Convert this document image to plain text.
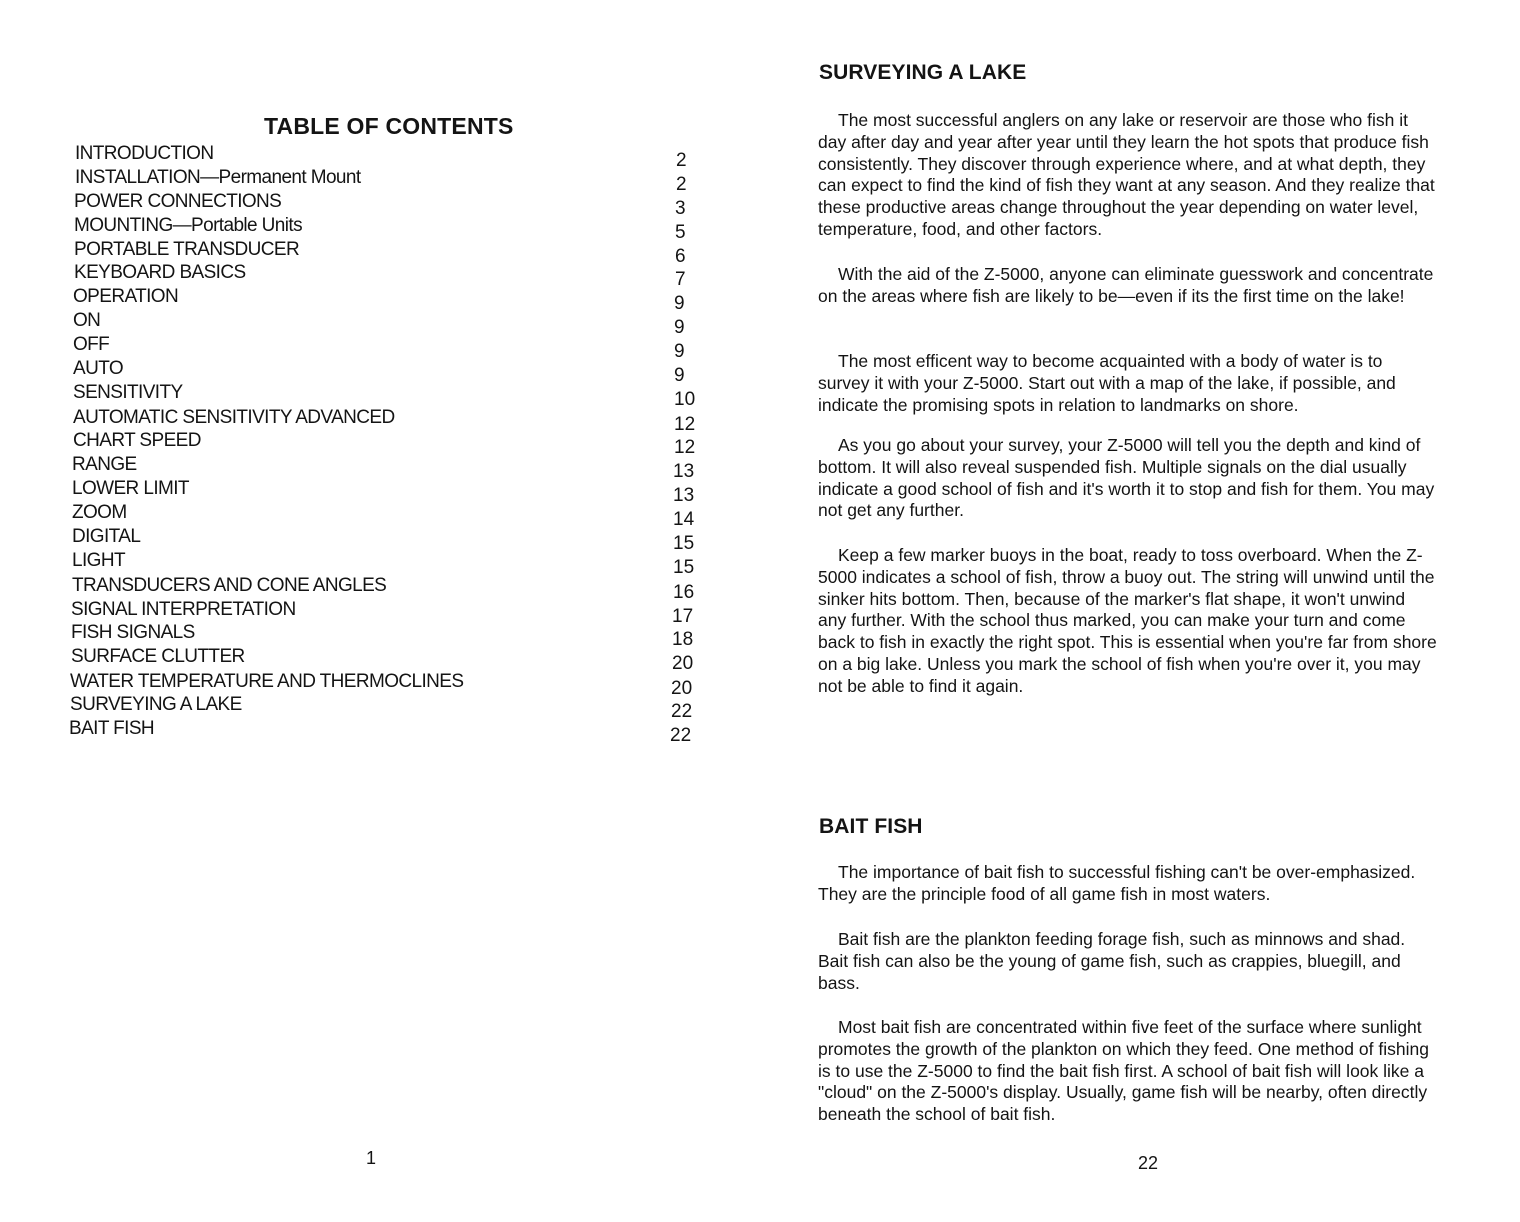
TABLE OF CONTENTS
INTRODUCTION	2
INSTALLATION—Permanent Mount	2
POWER CONNECTIONS	3
MOUNTING—Portable Units	5
PORTABLE TRANSDUCER	6
KEYBOARD BASICS	7
OPERATION	9
ON	9
OFF	9
AUTO	9
SENSITIVITY	10
AUTOMATIC SENSITIVITY ADVANCED	12
CHART SPEED	12
RANGE	13
LOWER LIMIT	13
ZOOM	14
DIGITAL	15
LIGHT	15
TRANSDUCERS AND CONE ANGLES	16
SIGNAL INTERPRETATION	17
FISH SIGNALS	18
SURFACE CLUTTER	20
WATER TEMPERATURE AND THERMOCLINES	20
SURVEYING A LAKE	22
BAIT FISH	22
1
SURVEYING A LAKE

The most successful anglers on any lake or reservoir are those who fish it day after day and year after year until they learn the hot spots that produce fish consistently. They discover through experience where, and at what depth, they can expect to find the kind of fish they want at any season. And they realize that these productive areas change throughout the year depending on water level, temperature, food, and other factors.

With the aid of the Z-5000, anyone can eliminate guesswork and concentrate on the areas where fish are likely to be—even if its the first time on the lake!

The most efficent way to become acquainted with a body of water is to survey it with your Z-5000. Start out with a map of the lake, if possible, and indicate the promising spots in relation to landmarks on shore.

As you go about your survey, your Z-5000 will tell you the depth and kind of bottom. It will also reveal suspended fish. Multiple signals on the dial usually indicate a good school of fish and it's worth it to stop and fish for them. You may not get any further.

Keep a few marker buoys in the boat, ready to toss overboard. When the Z-5000 indicates a school of fish, throw a buoy out. The string will unwind until the sinker hits bottom. Then, because of the marker's flat shape, it won't unwind any further. With the school thus marked, you can make your turn and come back to fish in exactly the right spot. This is essential when you're far from shore on a big lake. Unless you mark the school of fish when you're over it, you may not be able to find it again.

BAIT FISH

The importance of bait fish to successful fishing can't be over-emphasized. They are the principle food of all game fish in most waters.

Bait fish are the plankton feeding forage fish, such as minnows and shad. Bait fish can also be the young of game fish, such as crappies, bluegill, and bass.

Most bait fish are concentrated within five feet of the surface where sunlight promotes the growth of the plankton on which they feed. One method of fishing is to use the Z-5000 to find the bait fish first. A school of bait fish will look like a "cloud" on the Z-5000's display. Usually, game fish will be nearby, often directly beneath the school of bait fish.

22
